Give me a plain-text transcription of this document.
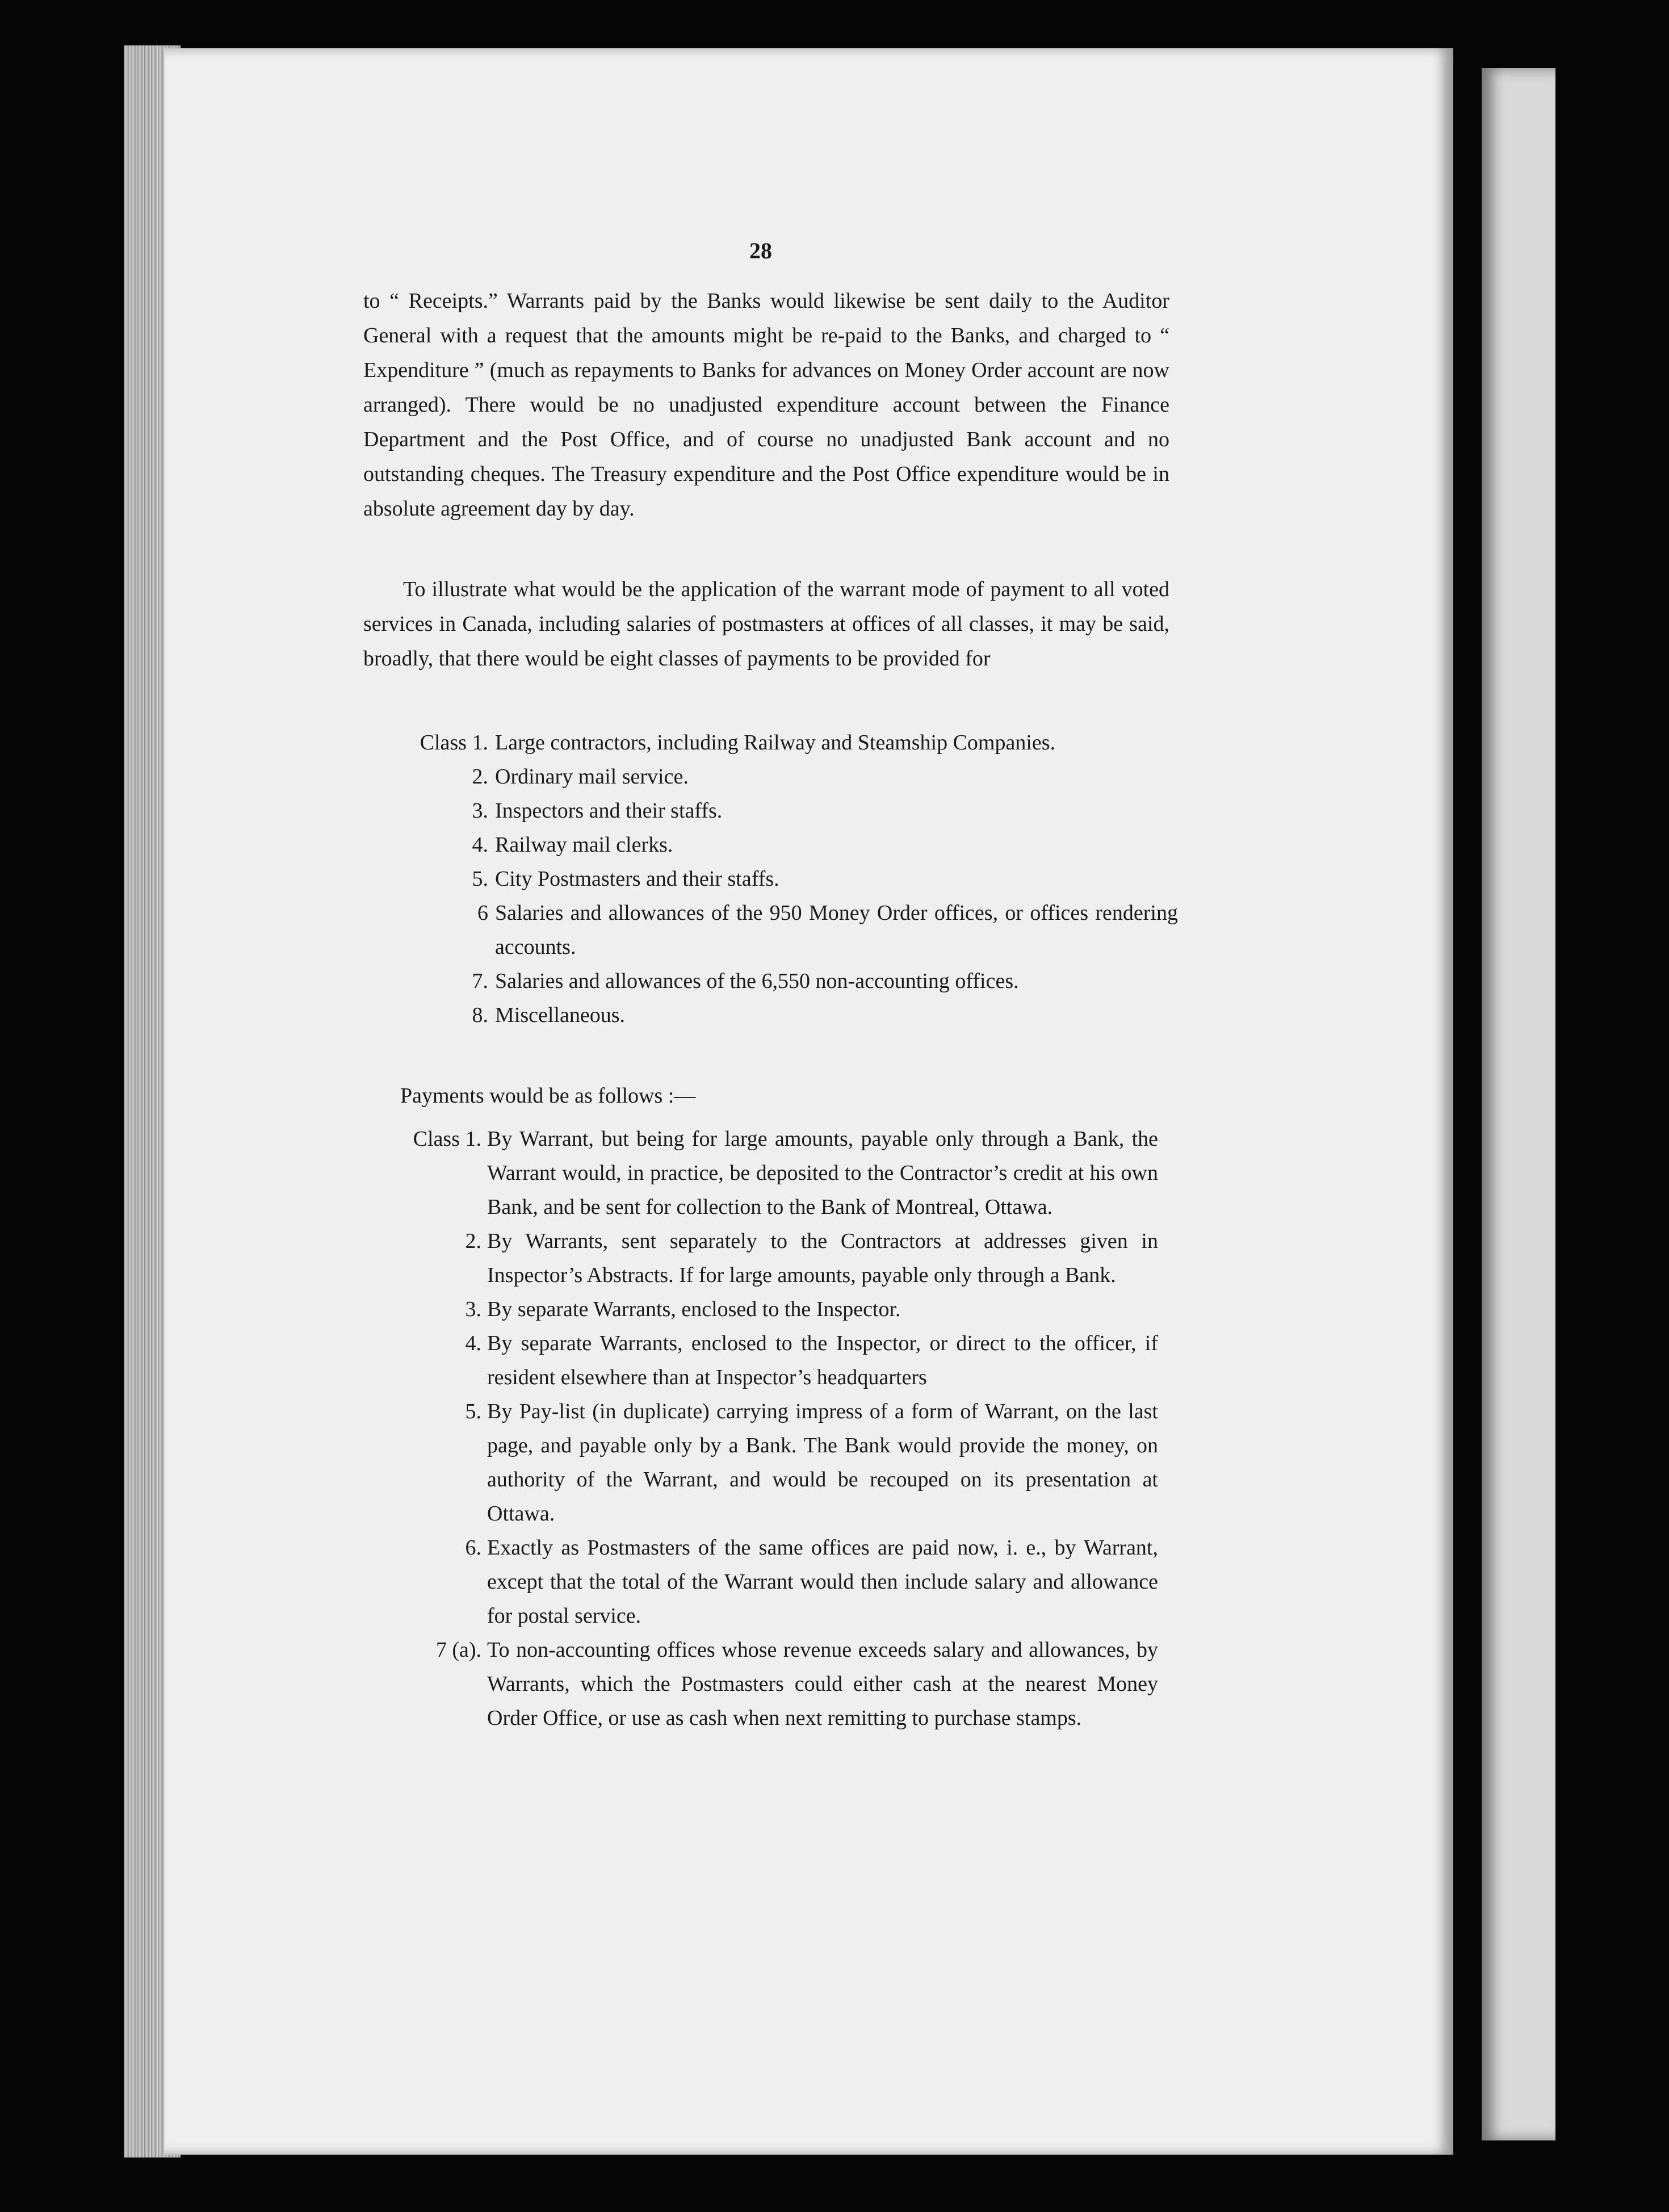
28

to “ Receipts.” Warrants paid by the Banks would likewise be sent daily to the Auditor General with a request that the amounts might be re-paid to the Banks, and charged to “ Expenditure ” (much as repayments to Banks for advances on Money Order account are now arranged). There would be no unadjusted expenditure account between the Finance Department and the Post Office, and of course no unadjusted Bank account and no outstanding cheques. The Treasury expenditure and the Post Office expenditure would be in absolute agreement day by day.

To illustrate what would be the application of the warrant mode of payment to all voted services in Canada, including salaries of postmasters at offices of all classes, it may be said, broadly, that there would be eight classes of payments to be provided for

Class 1. Large contractors, including Railway and Steamship Companies.
2. Ordinary mail service.
3. Inspectors and their staffs.
4. Railway mail clerks.
5. City Postmasters and their staffs.
6 Salaries and allowances of the 950 Money Order offices, or offices rendering accounts.
7. Salaries and allowances of the 6,550 non-accounting offices.
8. Miscellaneous.

Payments would be as follows :—

Class 1. By Warrant, but being for large amounts, payable only through a Bank, the Warrant would, in practice, be deposited to the Contractor’s credit at his own Bank, and be sent for collection to the Bank of Montreal, Ottawa.
2. By Warrants, sent separately to the Contractors at addresses given in Inspector’s Abstracts. If for large amounts, payable only through a Bank.
3. By separate Warrants, enclosed to the Inspector.
4. By separate Warrants, enclosed to the Inspector, or direct to the officer, if resident elsewhere than at Inspector’s headquarters
5. By Pay-list (in duplicate) carrying impress of a form of Warrant, on the last page, and payable only by a Bank. The Bank would provide the money, on authority of the Warrant, and would be recouped on its presentation at Ottawa.
6. Exactly as Postmasters of the same offices are paid now, i. e., by Warrant, except that the total of the Warrant would then include salary and allowance for postal service.
7 (a). To non-accounting offices whose revenue exceeds salary and allowances, by Warrants, which the Postmasters could either cash at the nearest Money Order Office, or use as cash when next remitting to purchase stamps.
